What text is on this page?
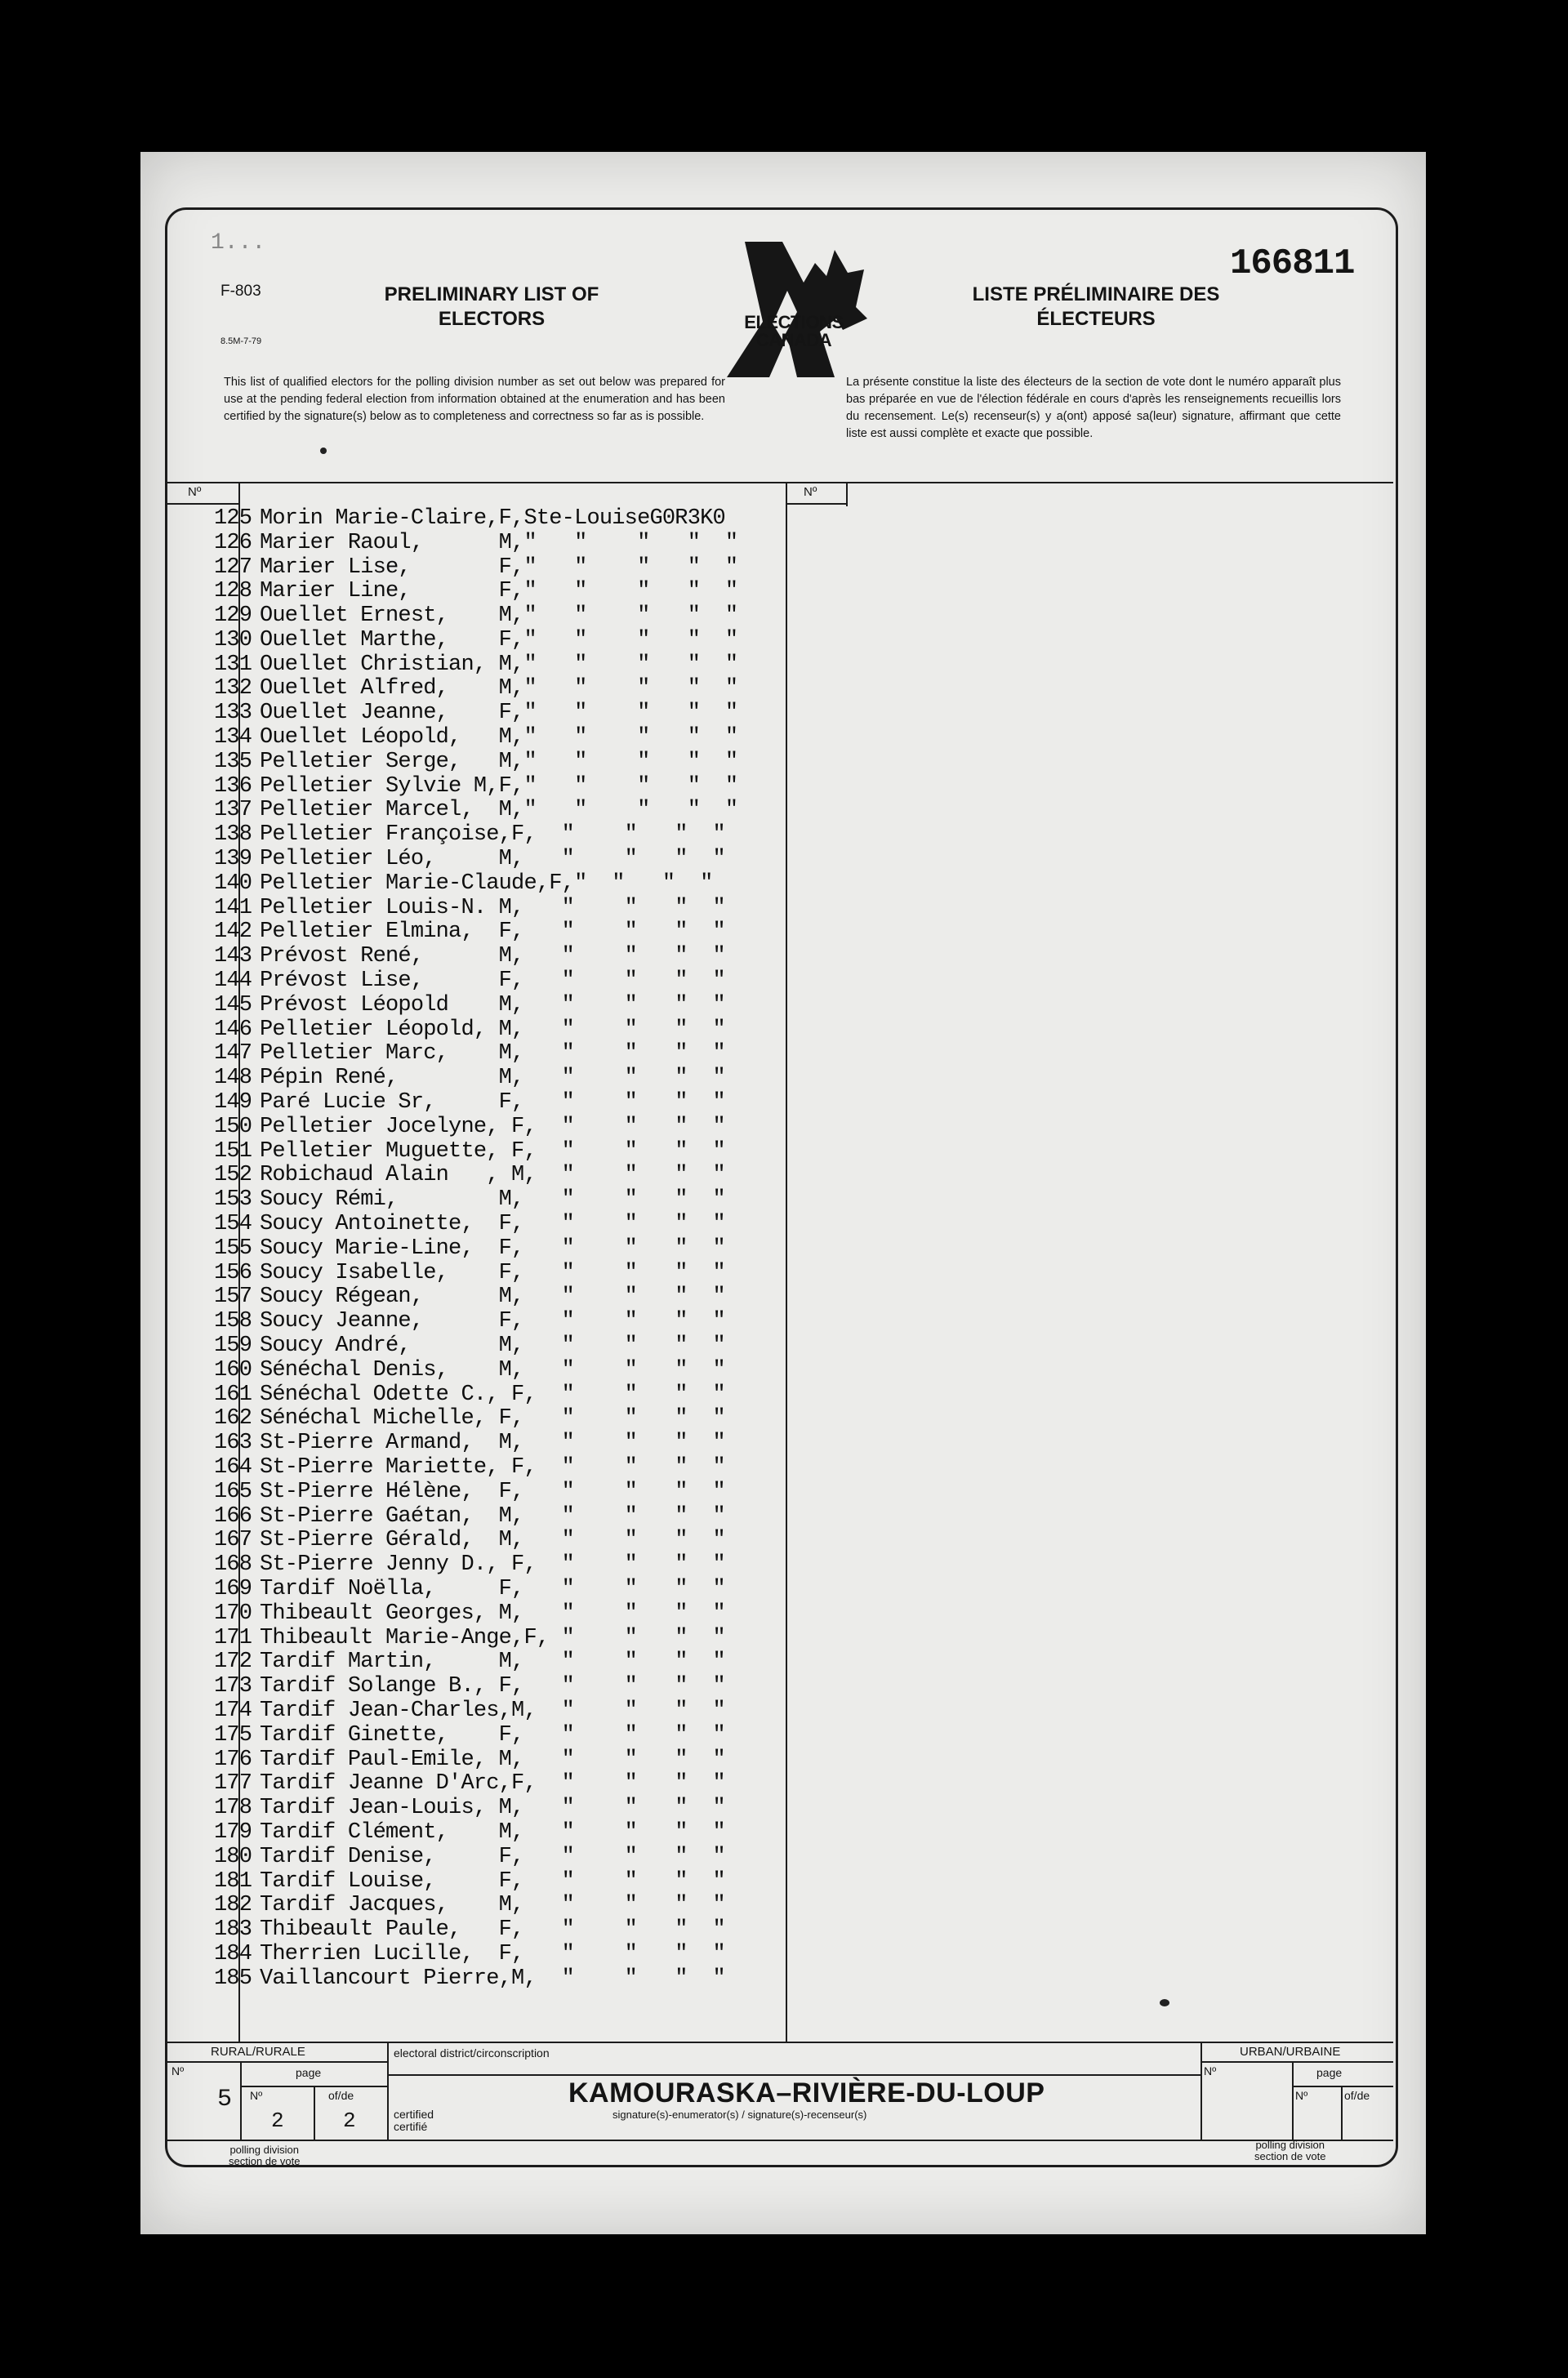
1...
F-803
8.5M-7-79
PRELIMINARY LIST OF
ELECTORS	ELECTIONS
CANADA
166811
LISTE PRÉLIMINAIRE DES
ÉLECTEURS
This list of qualified electors for the polling division number as set out below was prepared for use at the pending federal election from information obtained at the enumeration and has been certified by the signature(s) below as to completeness and correctness so far as is possible.
La présente constitue la liste des électeurs de la section de vote dont le numéro apparaît plus bas préparée en vue de l'élection fédérale en cours d'après les renseignements recueillis lors du recensement. Le(s) recenseur(s) y a(ont) apposé sa(leur) signature, affirmant que cette liste est aussi complète et exacte que possible.
Nº	Nº
125 Morin Marie-Claire,F,Ste-LouiseG0R3K0
126 Marier Raoul,      M,"   "    "   "  "
127 Marier Lise,       F,"   "    "   "  "
128 Marier Line,       F,"   "    "   "  "
129 Ouellet Ernest,    M,"   "    "   "  "
130 Ouellet Marthe,    F,"   "    "   "  "
131 Ouellet Christian, M,"   "    "   "  "
132 Ouellet Alfred,    M,"   "    "   "  "
133 Ouellet Jeanne,    F,"   "    "   "  "
134 Ouellet Léopold,   M,"   "    "   "  "
135 Pelletier Serge,   M,"   "    "   "  "
136 Pelletier Sylvie M,F,"   "    "   "  "
137 Pelletier Marcel,  M,"   "    "   "  "
138 Pelletier Françoise,F,  "    "   "  "
139 Pelletier Léo,     M,   "    "   "  "
140 Pelletier Marie-Claude,F,"  "   "  "
141 Pelletier Louis-N. M,   "    "   "  "
142 Pelletier Elmina,  F,   "    "   "  "
143 Prévost René,      M,   "    "   "  "
144 Prévost Lise,      F,   "    "   "  "
145 Prévost Léopold    M,   "    "   "  "
146 Pelletier Léopold, M,   "    "   "  "
147 Pelletier Marc,    M,   "    "   "  "
148 Pépin René,        M,   "    "   "  "
149 Paré Lucie Sr,     F,   "    "   "  "
150 Pelletier Jocelyne, F,  "    "   "  "
151 Pelletier Muguette, F,  "    "   "  "
152 Robichaud Alain   , M,  "    "   "  "
153 Soucy Rémi,        M,   "    "   "  "
154 Soucy Antoinette,  F,   "    "   "  "
155 Soucy Marie-Line,  F,   "    "   "  "
156 Soucy Isabelle,    F,   "    "   "  "
157 Soucy Régean,      M,   "    "   "  "
158 Soucy Jeanne,      F,   "    "   "  "
159 Soucy André,       M,   "    "   "  "
160 Sénéchal Denis,    M,   "    "   "  "
161 Sénéchal Odette C., F,  "    "   "  "
162 Sénéchal Michelle, F,   "    "   "  "
163 St-Pierre Armand,  M,   "    "   "  "
164 St-Pierre Mariette, F,  "    "   "  "
165 St-Pierre Hélène,  F,   "    "   "  "
166 St-Pierre Gaétan,  M,   "    "   "  "
167 St-Pierre Gérald,  M,   "    "   "  "
168 St-Pierre Jenny D., F,  "    "   "  "
169 Tardif Noëlla,     F,   "    "   "  "
170 Thibeault Georges, M,   "    "   "  "
171 Thibeault Marie-Ange,F, "    "   "  "
172 Tardif Martin,     M,   "    "   "  "
173 Tardif Solange B., F,   "    "   "  "
174 Tardif Jean-Charles,M,  "    "   "  "
175 Tardif Ginette,    F,   "    "   "  "
176 Tardif Paul-Emile, M,   "    "   "  "
177 Tardif Jeanne D'Arc,F,  "    "   "  "
178 Tardif Jean-Louis, M,   "    "   "  "
179 Tardif Clément,    M,   "    "   "  "
180 Tardif Denise,     F,   "    "   "  "
181 Tardif Louise,     F,   "    "   "  "
182 Tardif Jacques,    M,   "    "   "  "
183 Thibeault Paule,   F,   "    "   "  "
184 Therrien Lucille,  F,   "    "   "  "
185 Vaillancourt Pierre,M,  "    "   "  "
RURAL/RURALE	URBAN/URBAINE
Nº	page
Nº	of/de
Nº	page
Nº	of/de
5
2	2
electoral district/circonscription
KAMOURASKA–RIVIÈRE-DU-LOUP
certified
certifié
signature(s)-enumerator(s) / signature(s)-recenseur(s)
polling division
section de vote
polling division
section de vote
